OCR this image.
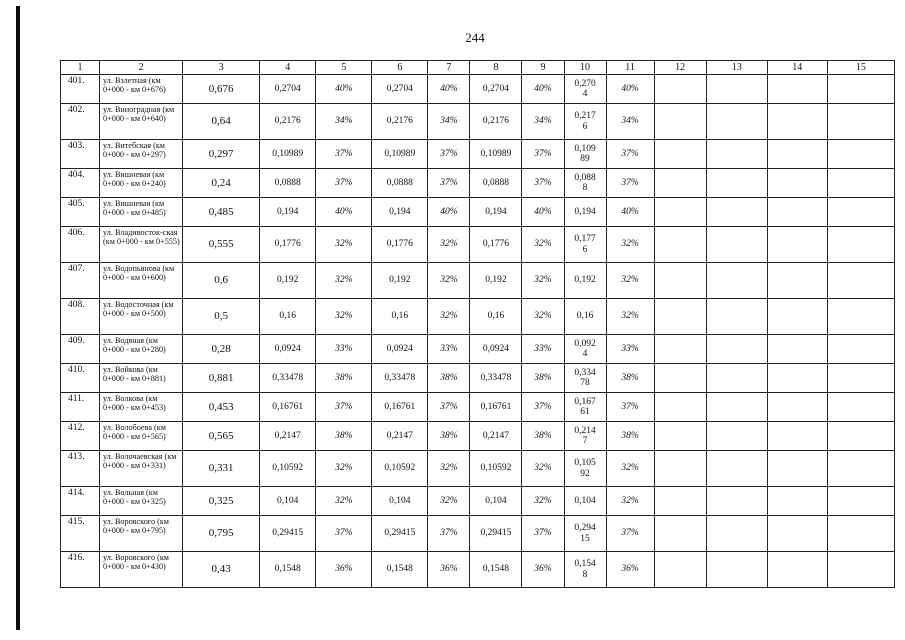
244
1	2	3	4	5	6	7	8	9	10	11	12	13	14	15
401.	ул. Взлетная (км 0+000 - км 0+676)	0,676	0,2704	40%	0,2704	40%	0,2704	40%	0,2704	40%				
402.	ул. Виноградная (км 0+000 - км 0+640)	0,64	0,2176	34%	0,2176	34%	0,2176	34%	0,2176	34%				
403.	ул. Витебская (км 0+000 - км 0+297)	0,297	0,10989	37%	0,10989	37%	0,10989	37%	0,10989	37%				
404.	ул. Вишневая (км 0+000 - км 0+240)	0,24	0,0888	37%	0,0888	37%	0,0888	37%	0,0888	37%				
405.	ул. Вишневая (км 0+000 - км 0+485)	0,485	0,194	40%	0,194	40%	0,194	40%	0,194	40%				
406.	ул. Владивосток-ская (км 0+000 - км 0+555)	0,555	0,1776	32%	0,1776	32%	0,1776	32%	0,1776	32%				
407.	ул. Водопьянова (км 0+000 - км 0+600)	0,6	0,192	32%	0,192	32%	0,192	32%	0,192	32%				
408.	ул. Водосточная (км 0+000 - км 0+500)	0,5	0,16	32%	0,16	32%	0,16	32%	0,16	32%				
409.	ул. Водяная (км 0+000 - км 0+280)	0,28	0,0924	33%	0,0924	33%	0,0924	33%	0,0924	33%				
410.	ул. Войкова (км 0+000 - км 0+881)	0,881	0,33478	38%	0,33478	38%	0,33478	38%	0,33478	38%				
411.	ул. Волкова (км 0+000 - км 0+453)	0,453	0,16761	37%	0,16761	37%	0,16761	37%	0,16761	37%				
412.	ул. Волобоева (км 0+000 - км 0+565)	0,565	0,2147	38%	0,2147	38%	0,2147	38%	0,2147	38%				
413.	ул. Волочаевская (км 0+000 - км 0+331)	0,331	0,10592	32%	0,10592	32%	0,10592	32%	0,10592	32%				
414.	ул. Вольная (км 0+000 - км 0+325)	0,325	0,104	32%	0,104	32%	0,104	32%	0,104	32%				
415.	ул. Воровского (км 0+000 - км 0+795)	0,795	0,29415	37%	0,29415	37%	0,29415	37%	0,29415	37%				
416.	ул. Воровского (км 0+000 - км 0+430)	0,43	0,1548	36%	0,1548	36%	0,1548	36%	0,1548	36%				
